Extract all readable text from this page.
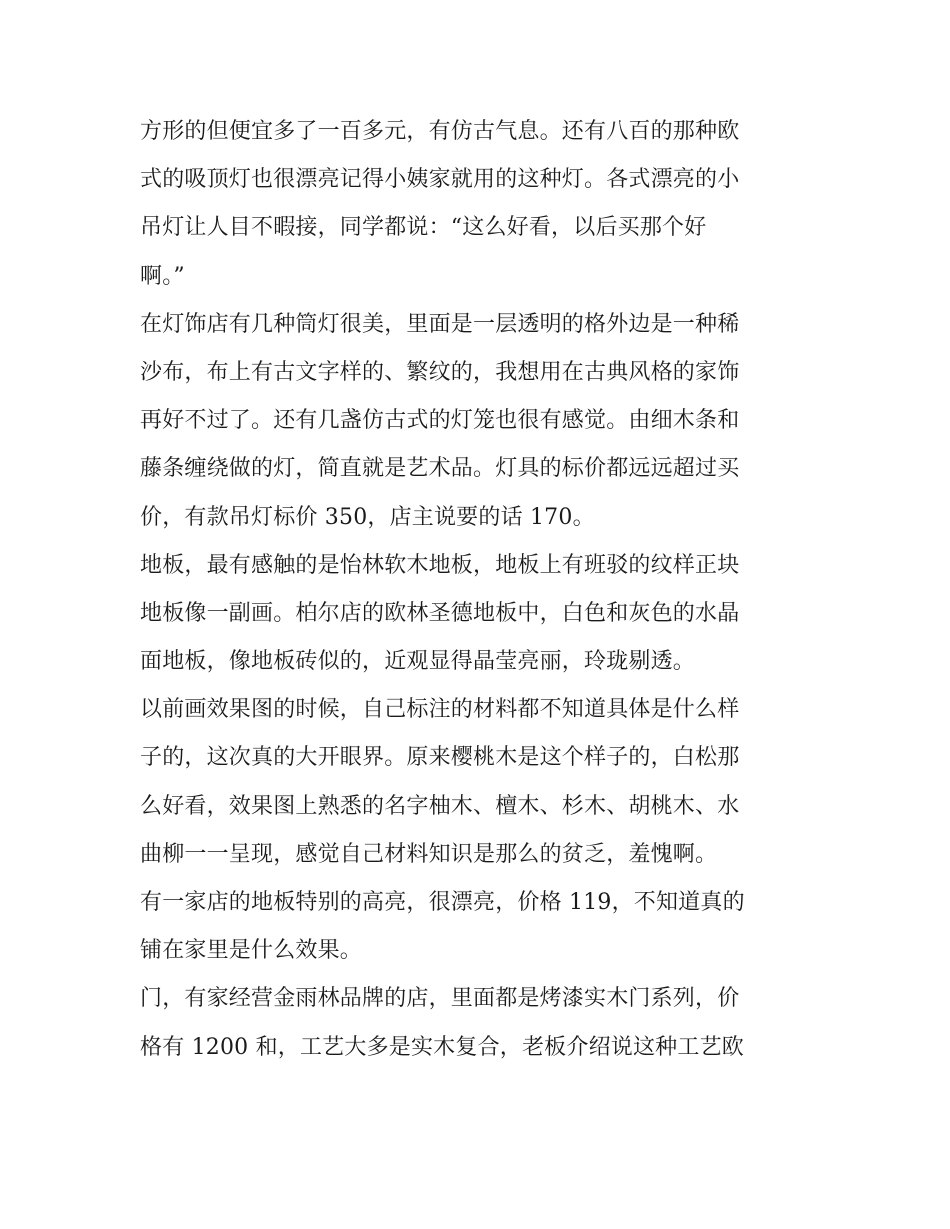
方形的但便宜多了一百多元，有仿古气息。还有八百的那种欧
式的吸顶灯也很漂亮记得小姨家就用的这种灯。各式漂亮的小
吊灯让人目不暇接，同学都说：“这么好看，以后买那个好
啊。”
在灯饰店有几种筒灯很美，里面是一层透明的格外边是一种稀
沙布，布上有古文字样的、繁纹的，我想用在古典风格的家饰
再好不过了。还有几盏仿古式的灯笼也很有感觉。由细木条和
藤条缠绕做的灯，简直就是艺术品。灯具的标价都远远超过买
价，有款吊灯标价 350，店主说要的话 170。
地板，最有感触的是怡林软木地板，地板上有班驳的纹样正块
地板像一副画。柏尔店的欧林圣德地板中，白色和灰色的水晶
面地板，像地板砖似的，近观显得晶莹亮丽，玲珑剔透。
以前画效果图的时候，自己标注的材料都不知道具体是什么样
子的，这次真的大开眼界。原来樱桃木是这个样子的，白松那
么好看，效果图上熟悉的名字柚木、檀木、杉木、胡桃木、水
曲柳一一呈现，感觉自己材料知识是那么的贫乏，羞愧啊。
有一家店的地板特别的高亮，很漂亮，价格 119，不知道真的
铺在家里是什么效果。
门，有家经营金雨林品牌的店，里面都是烤漆实木门系列，价
格有 1200 和，工艺大多是实木复合，老板介绍说这种工艺欧
